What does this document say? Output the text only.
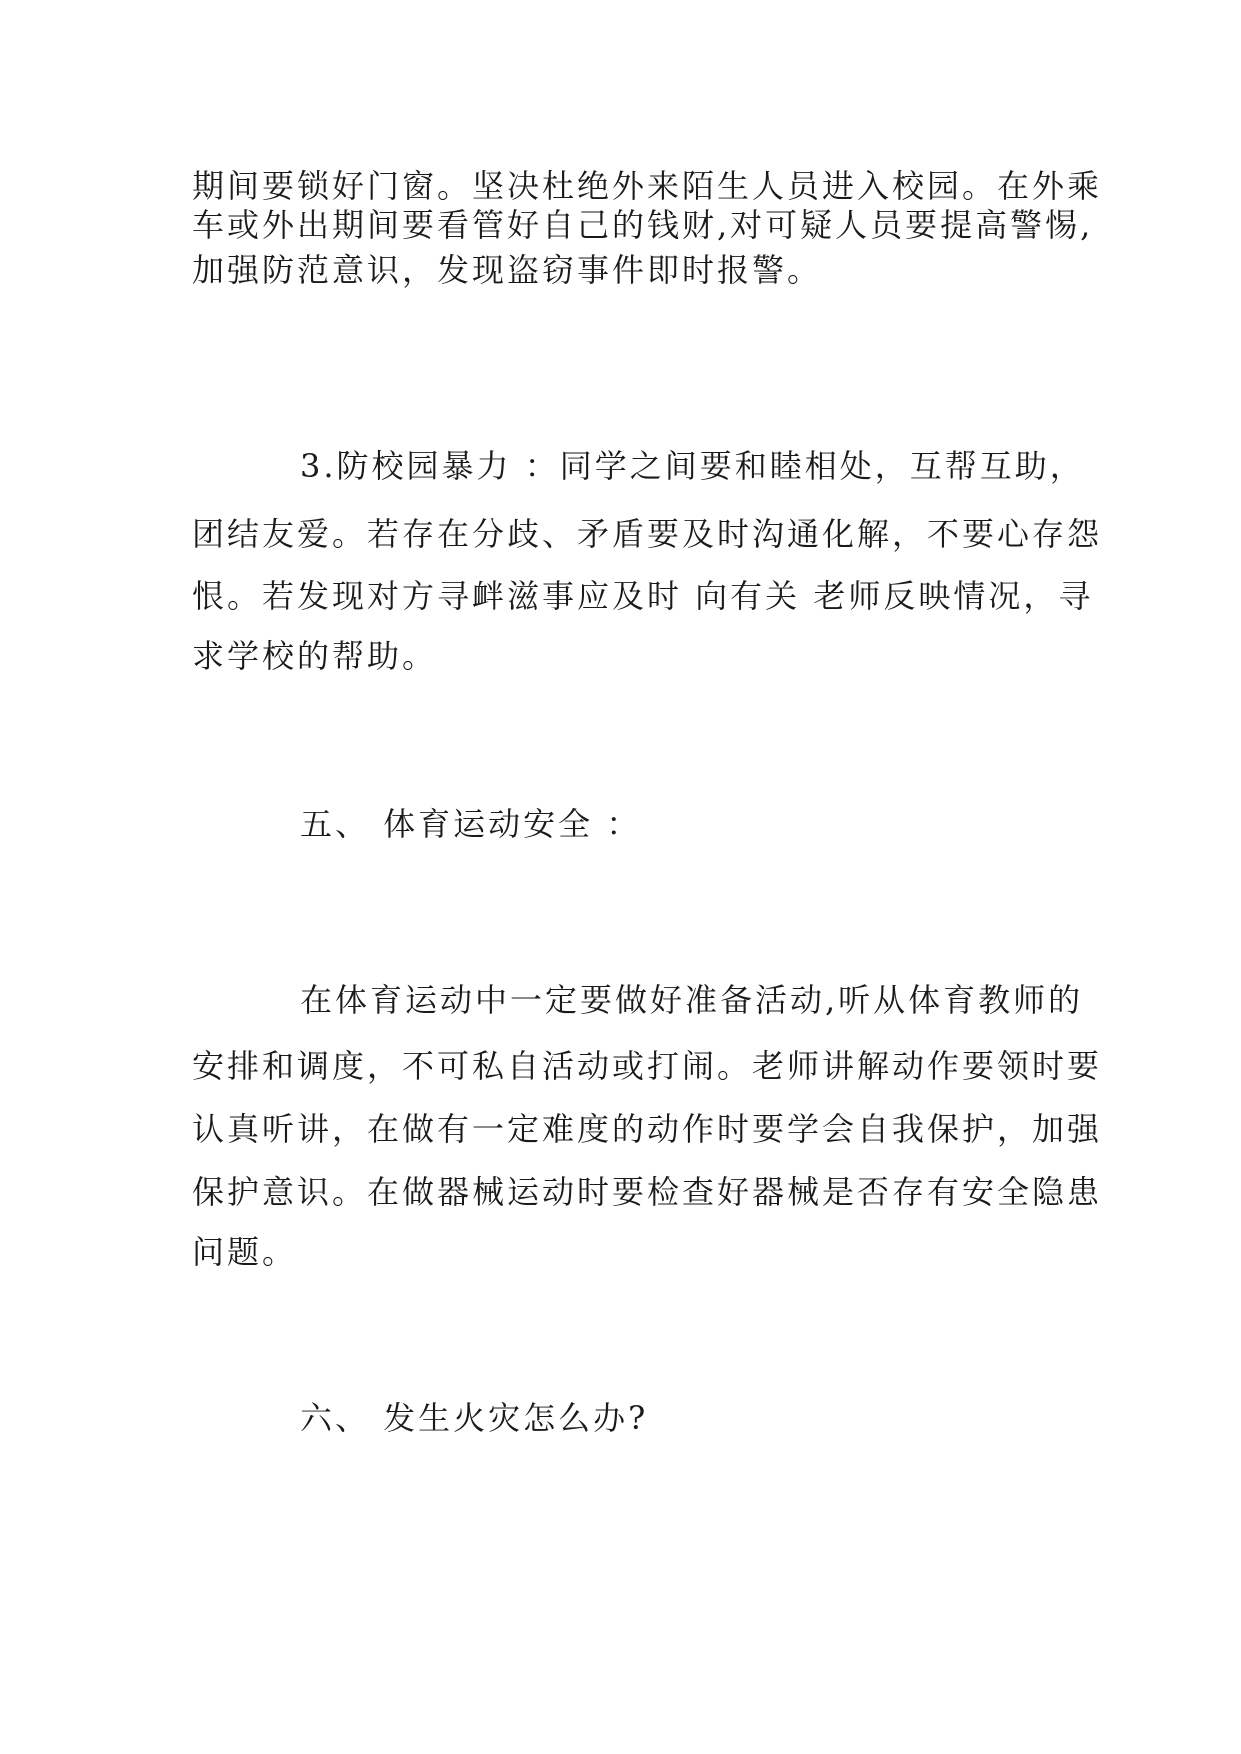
期间要锁好门窗。坚决杜绝外来陌生人员进入校园。在外乘
车或外出期间要看管好自己的钱财,对可疑人员要提高警惕,
加强防范意识，发现盗窃事件即时报警。
3.防校园暴力 ：同学之间要和睦相处，互帮互助，
团结友爱。若存在分歧、矛盾要及时沟通化解，不要心存怨
恨。若发现对方寻衅滋事应及时 向有关 老师反映情况，寻
求学校的帮助。
五、 体育运动安全 ：
在体育运动中一定要做好准备活动,听从体育教师的
安排和调度，不可私自活动或打闹。老师讲解动作要领时要
认真听讲，在做有一定难度的动作时要学会自我保护，加强
保护意识。在做器械运动时要检查好器械是否存有安全隐患
问题。
六、 发生火灾怎么办?
